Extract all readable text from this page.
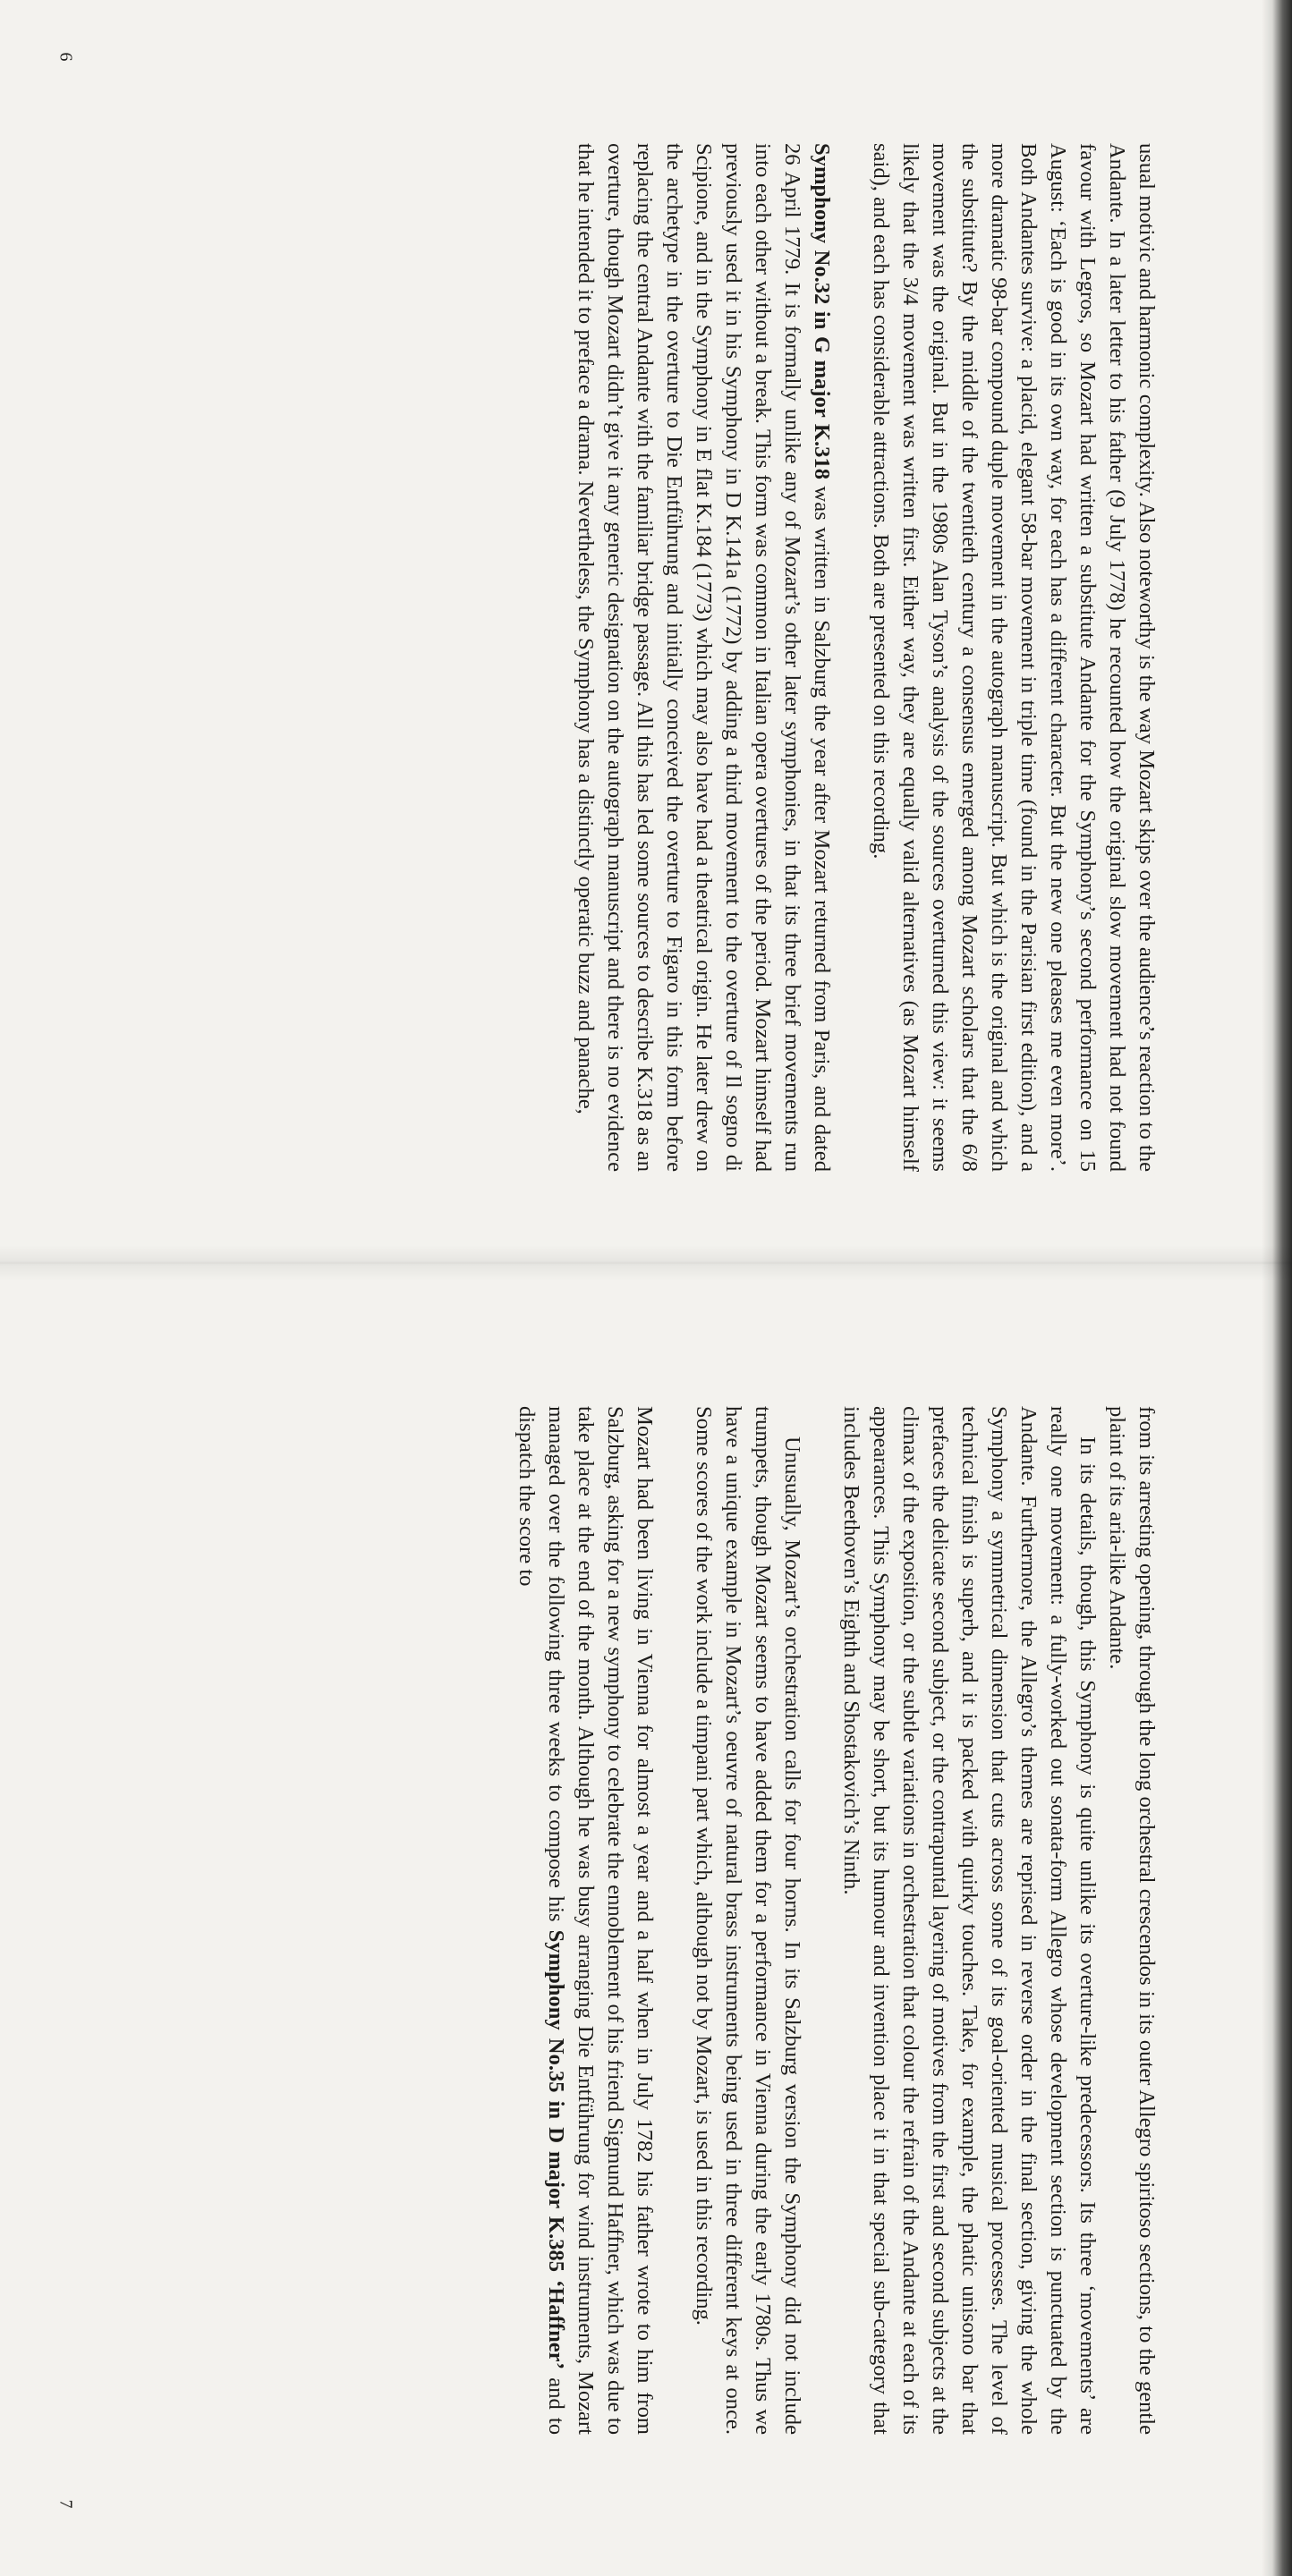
6
7

usual motivic and harmonic complexity. Also noteworthy is the way Mozart skips over the audience’s reaction to the Andante. In a later letter to his father (9 July 1778) he recounted how the original slow movement had not found favour with Legros, so Mozart had written a substitute Andante for the Symphony’s second performance on 15 August: ‘Each is good in its own way, for each has a different character. But the new one pleases me even more’. Both Andantes survive: a placid, elegant 58-bar movement in triple time (found in the Parisian first edition), and a more dramatic 98-bar compound duple movement in the autograph manuscript. But which is the original and which the substitute? By the middle of the twentieth century a consensus emerged among Mozart scholars that the 6/8 movement was the original. But in the 1980s Alan Tyson’s analysis of the sources overturned this view: it seems likely that the 3/4 movement was written first. Either way, they are equally valid alternatives (as Mozart himself said), and each has considerable attractions. Both are presented on this recording.

Symphony No.32 in G major K.318 was written in Salzburg the year after Mozart returned from Paris, and dated 26 April 1779. It is formally unlike any of Mozart’s other later symphonies, in that its three brief movements run into each other without a break. This form was common in Italian opera overtures of the period. Mozart himself had previously used it in his Symphony in D K.141a (1772) by adding a third movement to the overture of Il sogno di Scipione, and in the Symphony in E flat K.184 (1773) which may also have had a theatrical origin. He later drew on the archetype in the overture to Die Entführung and initially conceived the overture to Figaro in this form before replacing the central Andante with the familiar bridge passage. All this has led some sources to describe K.318 as an overture, though Mozart didn’t give it any generic designation on the autograph manuscript and there is no evidence that he intended it to preface a drama. Nevertheless, the Symphony has a distinctly operatic buzz and panache,

from its arresting opening, through the long orchestral crescendos in its outer Allegro spiritoso sections, to the gentle plaint of its aria-like Andante.

In its details, though, this Symphony is quite unlike its overture-like predecessors. Its three ‘movements’ are really one movement: a fully-worked out sonata-form Allegro whose development section is punctuated by the Andante. Furthermore, the Allegro’s themes are reprised in reverse order in the final section, giving the whole Symphony a symmetrical dimension that cuts across some of its goal-oriented musical processes. The level of technical finish is superb, and it is packed with quirky touches. Take, for example, the phatic unisono bar that prefaces the delicate second subject, or the contrapuntal layering of motives from the first and second subjects at the climax of the exposition, or the subtle variations in orchestration that colour the refrain of the Andante at each of its appearances. This Symphony may be short, but its humour and invention place it in that special sub-category that includes Beethoven’s Eighth and Shostakovich’s Ninth.

Unusually, Mozart’s orchestration calls for four horns. In its Salzburg version the Symphony did not include trumpets, though Mozart seems to have added them for a performance in Vienna during the early 1780s. Thus we have a unique example in Mozart’s oeuvre of natural brass instruments being used in three different keys at once. Some scores of the work include a timpani part which, although not by Mozart, is used in this recording.

Mozart had been living in Vienna for almost a year and a half when in July 1782 his father wrote to him from Salzburg, asking for a new symphony to celebrate the ennoblement of his friend Sigmund Haffner, which was due to take place at the end of the month. Although he was busy arranging Die Entführung for wind instruments, Mozart managed over the following three weeks to compose his Symphony No.35 in D major K.385 ‘Haffner’ and to dispatch the score to
